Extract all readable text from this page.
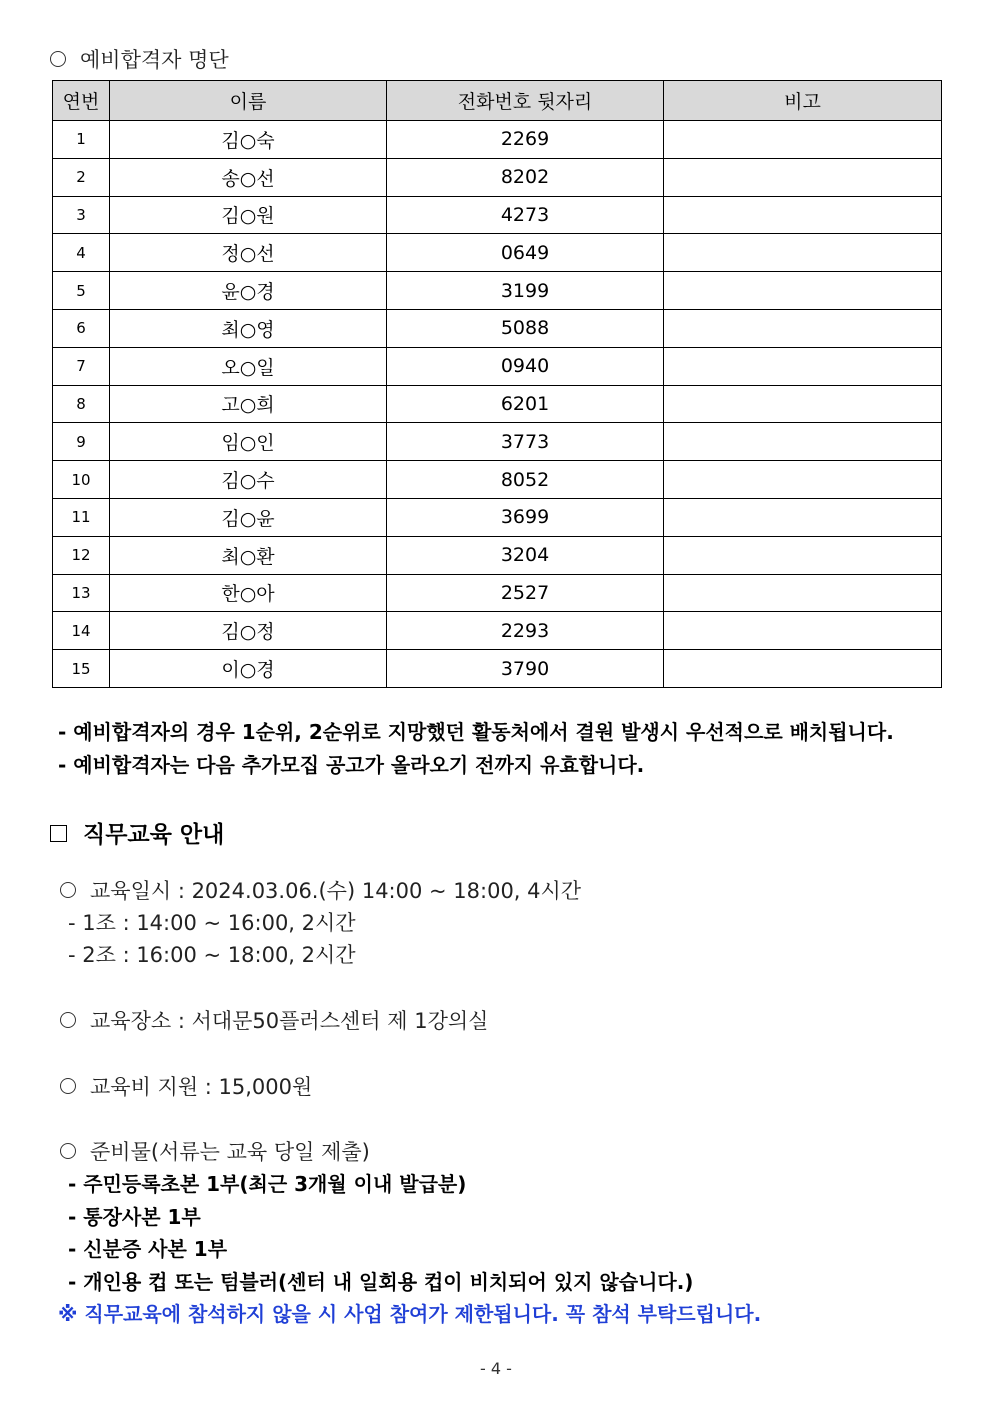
예비합격자 명단
연번	이름	전화번호 뒷자리	비고
1	김○숙	2269	
2	송○선	8202	
3	김○원	4273	
4	정○선	0649	
5	윤○경	3199	
6	최○영	5088	
7	오○일	0940	
8	고○희	6201	
9	임○인	3773	
10	김○수	8052	
11	김○윤	3699	
12	최○환	3204	
13	한○아	2527	
14	김○정	2293	
15	이○경	3790	
- 예비합격자의 경우 1순위, 2순위로 지망했던 활동처에서 결원 발생시 우선적으로 배치됩니다.
- 예비합격자는 다음 추가모집 공고가 올라오기 전까지 유효합니다.
직무교육 안내
교육일시 : 2024.03.06.(수) 14:00 ~ 18:00, 4시간
- 1조 : 14:00 ~ 16:00, 2시간
- 2조 : 16:00 ~ 18:00, 2시간
교육장소 : 서대문50플러스센터 제 1강의실
교육비 지원 : 15,000원
준비물(서류는 교육 당일 제출)
- 주민등록초본 1부(최근 3개월 이내 발급분)
- 통장사본 1부
- 신분증 사본 1부
- 개인용 컵 또는 텀블러(센터 내 일회용 컵이 비치되어 있지 않습니다.)
※ 직무교육에 참석하지 않을 시 사업 참여가 제한됩니다. 꼭 참석 부탁드립니다.
- 4 -
